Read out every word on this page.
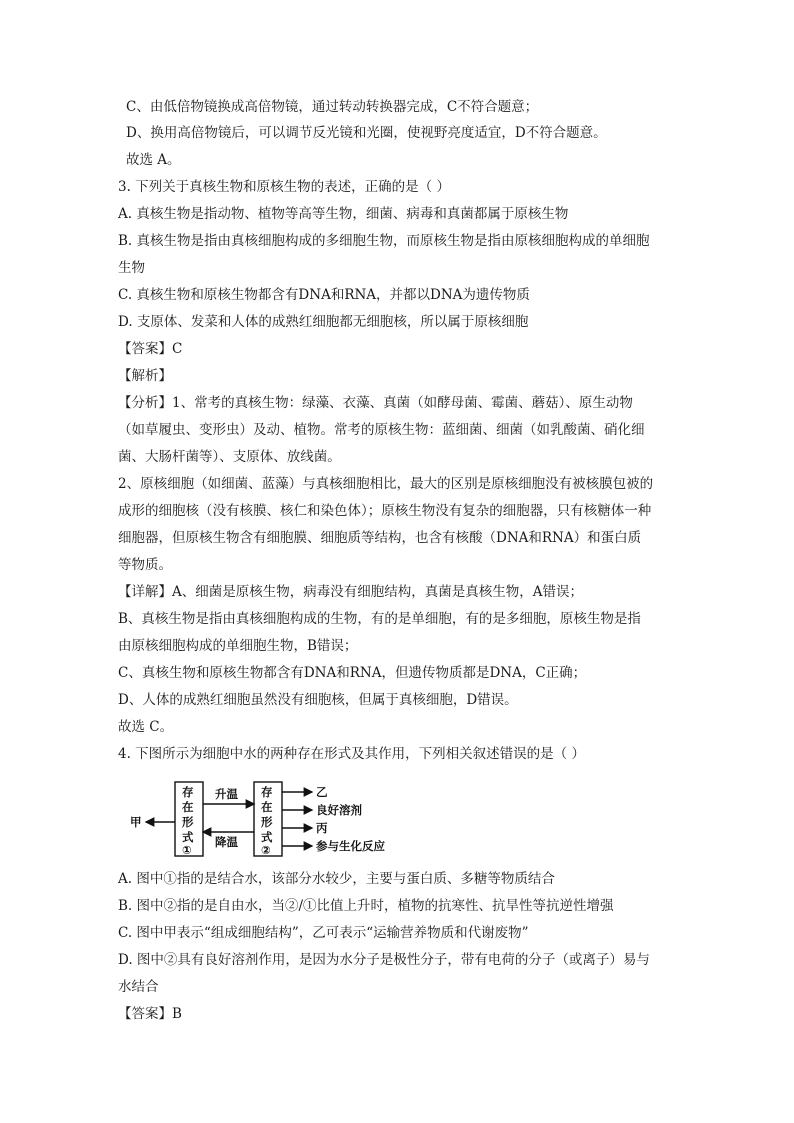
C、由低倍物镜换成高倍物镜，通过转动转换器完成，C不符合题意；
D、换用高倍物镜后，可以调节反光镜和光圈，使视野亮度适宜，D不符合题意。
故选 A。
3. 下列关于真核生物和原核生物的表述，正确的是（ ）
A. 真核生物是指动物、植物等高等生物，细菌、病毒和真菌都属于原核生物
B. 真核生物是指由真核细胞构成的多细胞生物，而原核生物是指由原核细胞构成的单细胞
生物
C. 真核生物和原核生物都含有DNA和RNA，并都以DNA为遗传物质
D. 支原体、发菜和人体的成熟红细胞都无细胞核，所以属于原核细胞
【答案】C
【解析】
【分析】1、常考的真核生物：绿藻、衣藻、真菌（如酵母菌、霉菌、蘑菇）、原生动物
（如草履虫、变形虫）及动、植物。常考的原核生物：蓝细菌、细菌（如乳酸菌、硝化细
菌、大肠杆菌等）、支原体、放线菌。
2、原核细胞（如细菌、蓝藻）与真核细胞相比，最大的区别是原核细胞没有被核膜包被的
成形的细胞核（没有核膜、核仁和染色体）；原核生物没有复杂的细胞器，只有核糖体一种
细胞器，但原核生物含有细胞膜、细胞质等结构，也含有核酸（DNA和RNA）和蛋白质
等物质。
【详解】A、细菌是原核生物，病毒没有细胞结构，真菌是真核生物，A错误；
B、真核生物是指由真核细胞构成的生物，有的是单细胞，有的是多细胞，原核生物是指
由原核细胞构成的单细胞生物，B错误；
C、真核生物和原核生物都含有DNA和RNA，但遗传物质都是DNA，C正确；
D、人体的成熟红细胞虽然没有细胞核，但属于真核细胞，D错误。
故选 C。
4. 下图所示为细胞中水的两种存在形式及其作用，下列相关叙述错误的是（ ）
甲
存
在
形
式
①
升温
降温
存
在
形
式
②
乙
良好溶剂
丙
参与生化反应
A. 图中①指的是结合水，该部分水较少，主要与蛋白质、多糖等物质结合
B. 图中②指的是自由水，当②/①比值上升时，植物的抗寒性、抗旱性等抗逆性增强
C. 图中甲表示“组成细胞结构”，乙可表示“运输营养物质和代谢废物”
D. 图中②具有良好溶剂作用，是因为水分子是极性分子，带有电荷的分子（或离子）易与
水结合
【答案】B
